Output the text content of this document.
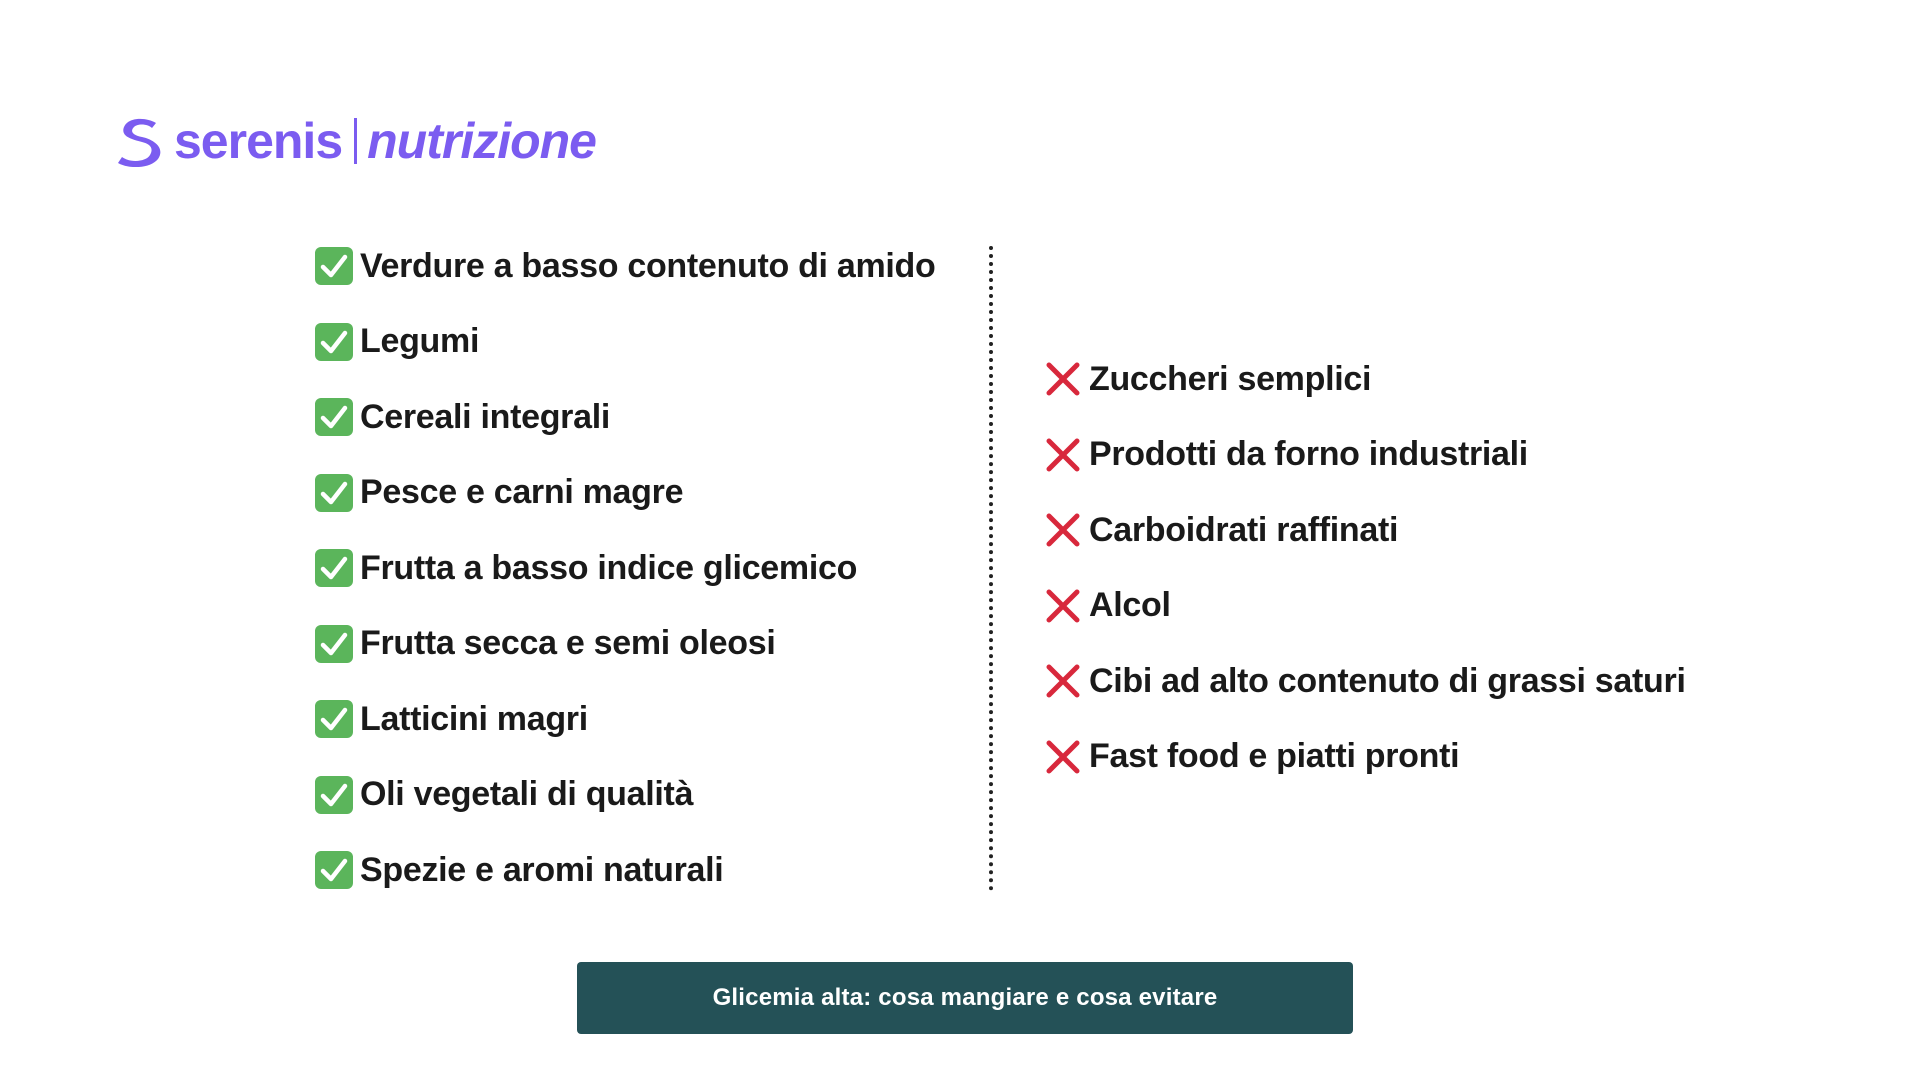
serenis nutrizione
Verdure a basso contenuto di amido
Legumi
Cereali integrali
Pesce e carni magre
Frutta a basso indice glicemico
Frutta secca e semi oleosi
Latticini magri
Oli vegetali di qualità
Spezie e aromi naturali
Zuccheri semplici
Prodotti da forno industriali
Carboidrati raffinati
Alcol
Cibi ad alto contenuto di grassi saturi
Fast food e piatti pronti
Glicemia alta: cosa mangiare e cosa evitare
